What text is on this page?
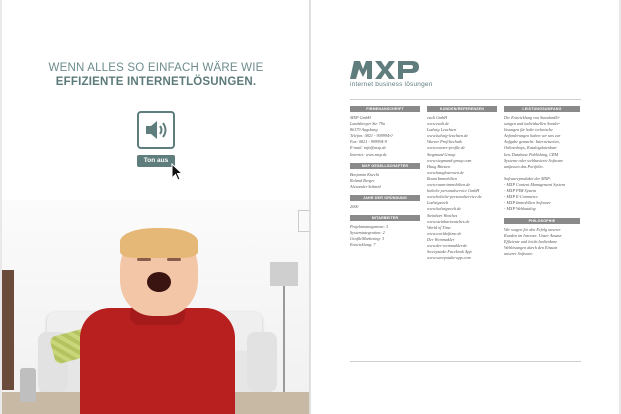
WENN ALLES SO EINFACH WÄRE WIE
EFFIZIENTE INTERNETLÖSUNGEN.
Ton aus
internet business lösungen
FIRMENANSCHRIFT
MXP GmbH
Landsberger Str. 79a
86179 Augsburg
Telefon: 0821 - 909994-0
Fax: 0821 - 909994-9
E-mail: info@mxp.de
Internet: www.mxp.de
MXP GESELLSCHAFTER
Benjamin Knecht
Roland Berger
Alexander Schmid
JAHR DER GRÜNDUNG
2000
MITARBEITER
Projektmanagement: 3
Systemintegration: 2
Grafik/Marketing: 3
Entwicklung: 7
KUNDEN/REFERENZEN
ezali GmbH
www.ezali.de
Ludwig Leuchten
www.ludwig-leuchten.de
Wurzer Profiltechnik
www.wurzer-profile.de
Siegmund Group
www.siegmund-group.com
Haug Bürsten
www.haugbuersten.de
Raum Immobilien
www.raum-immobilien.de
holtelte personalservice GmbH
www.holtelte-personalservice.de
Ludwigswelt
www.ludwigswelt.de
Steinbart Watches
www.steinbartwatches.de
World of Time
www.worldoftime.de
Der Weinmakler
www.der-weinmakler.de
Sweepstake Facebook App
www.sweepstake-app.com
LEISTUNGSUMFANG
Die Entwicklung von Standardlö-
sungen und individuellen Sonder-
lösungen für hohe technische
Anforderungen haben wir uns zur
Aufgabe gemacht: Internetseiten,
Onlineshops, Katalogdatenban-
ken, Database Publishing, CRM
Systeme oder webbasierte Software
umfassen das Portfolio.

Softwareprodukte der MXP:
- MXP Content Management System
- MXP PIM System
- MXP E-Commerce
- MXP Immobilien Software
- MXP Webkatalog
PHILOSOPHIE
Wir sorgen für den Erfolg unserer
Kunden im Internet. Unser Ansatz:
Effiziente und leicht bedienbare
Weblösungen durch den Einsatz
unserer Software.
